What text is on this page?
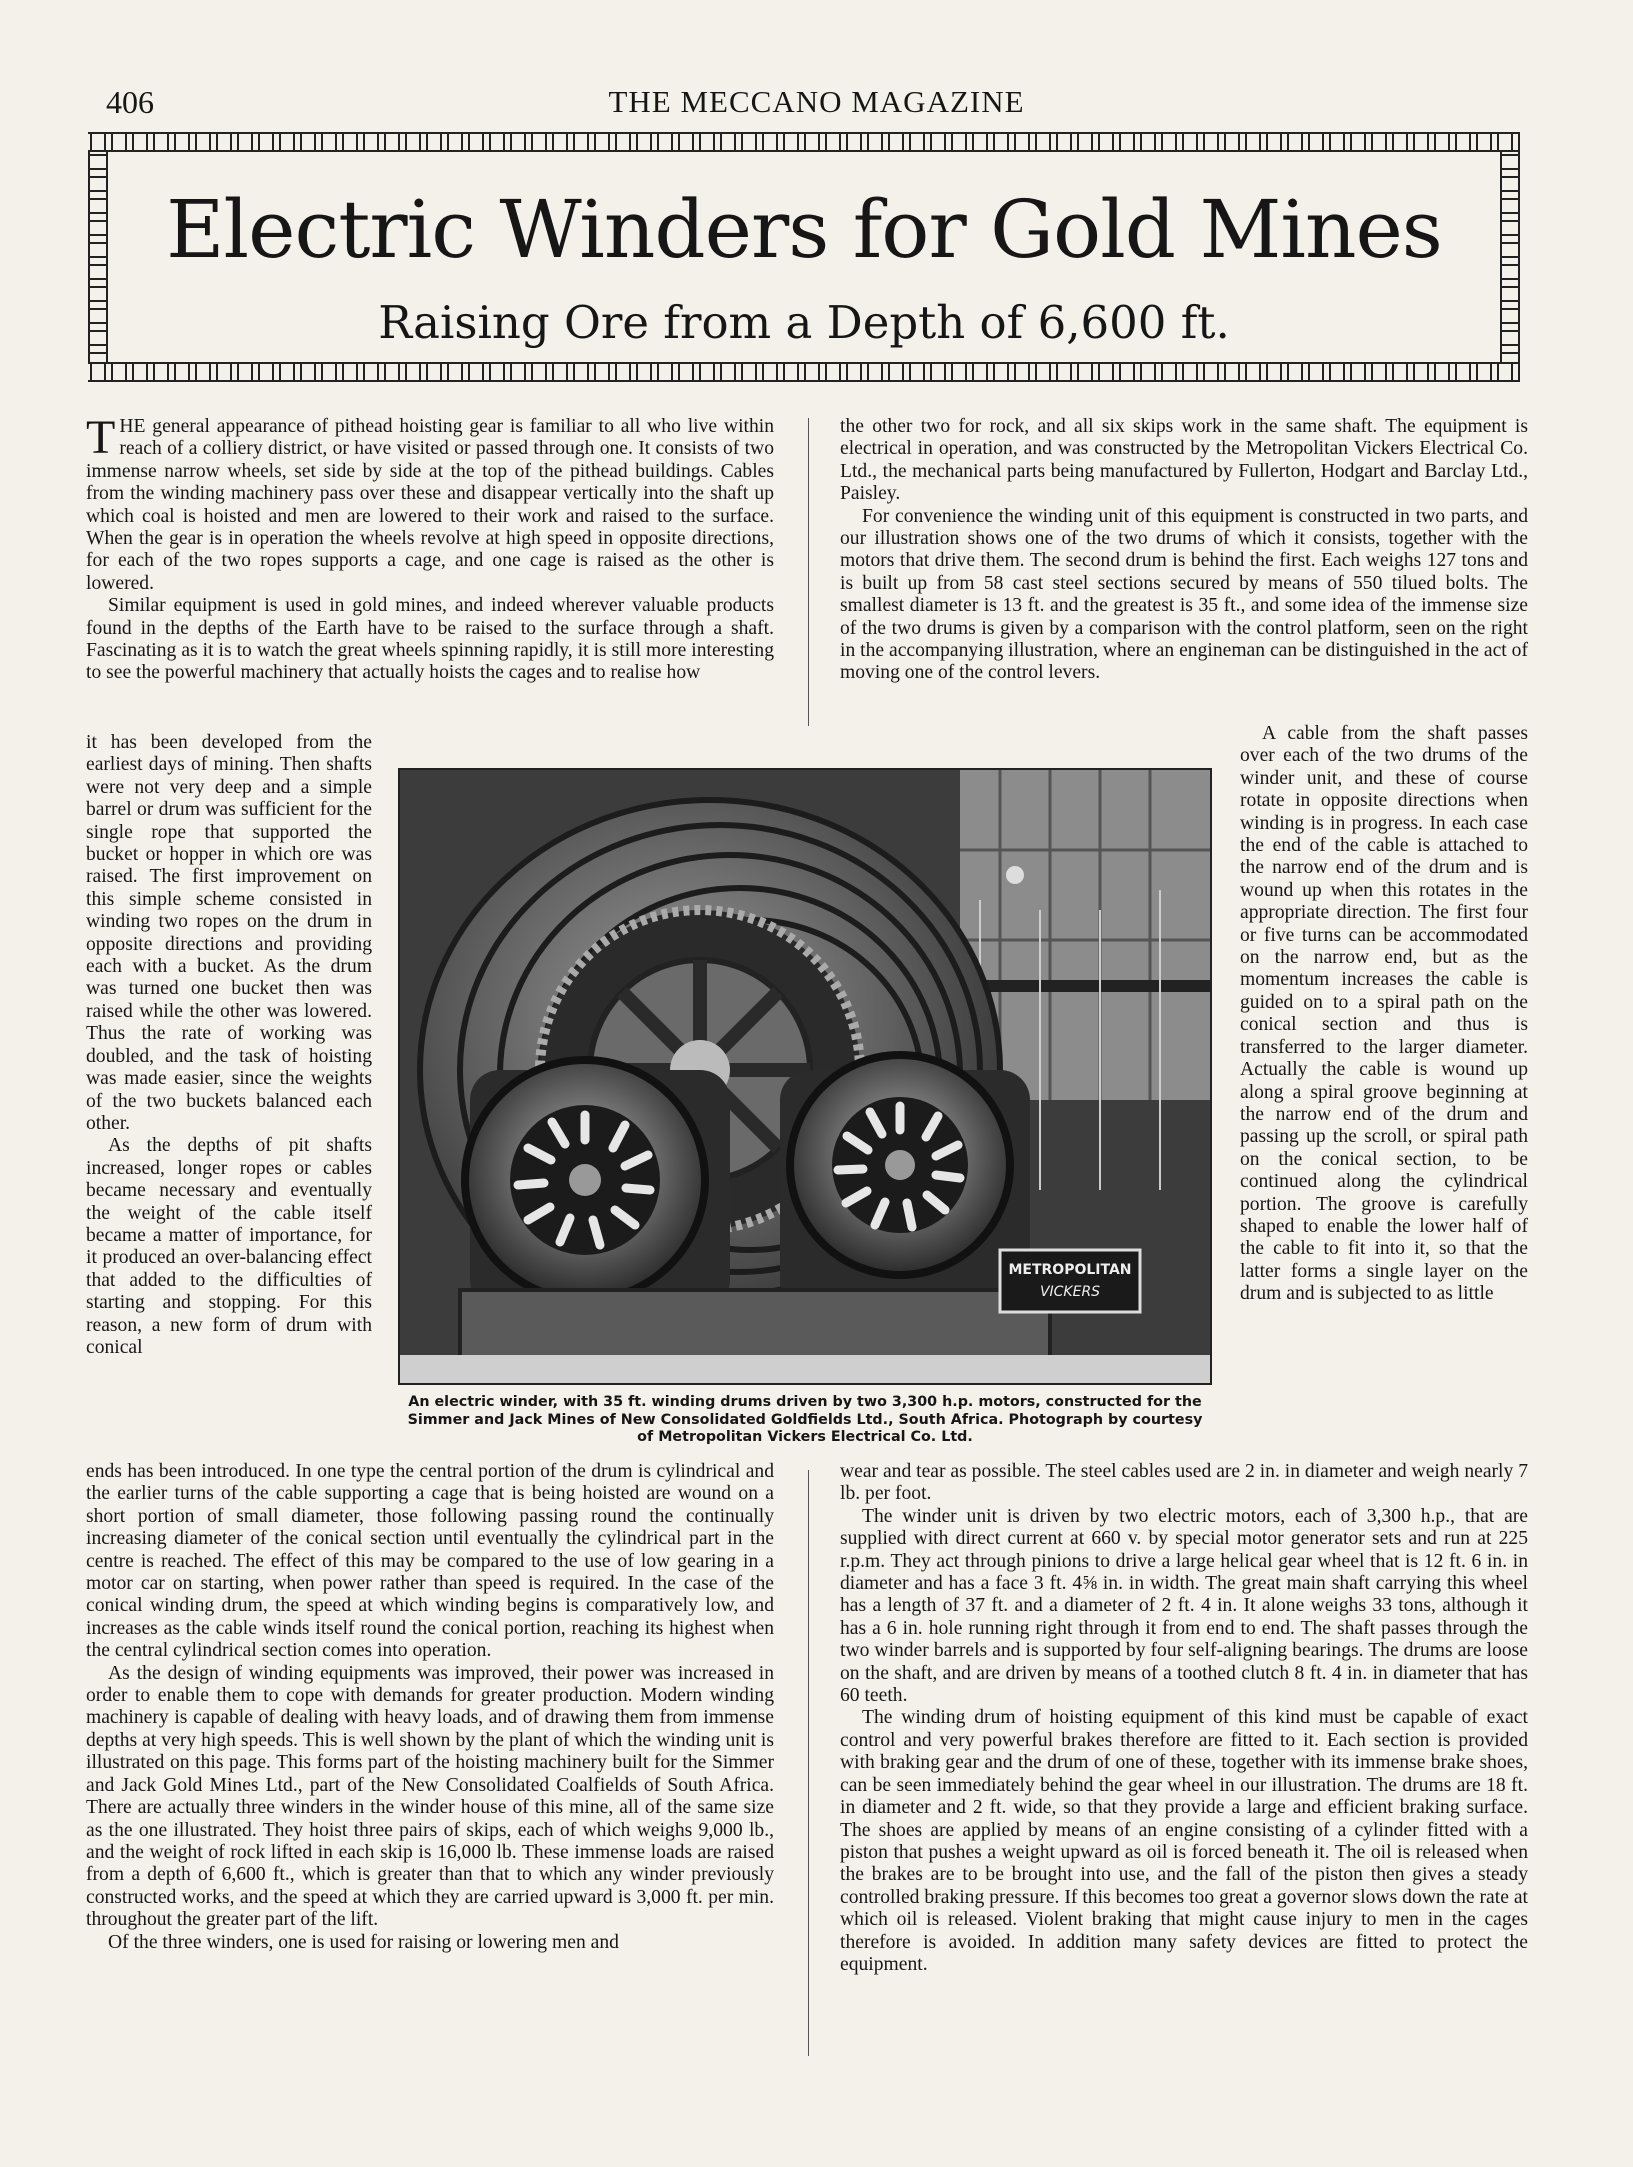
406	THE MECCANO MAGAZINE
Electric Winders for Gold Mines
Raising Ore from a Depth of 6,600 ft.

THE general appearance of pithead hoisting gear is familiar to all who live within reach of a colliery district, or have visited or passed through one. It consists of two immense narrow wheels, set side by side at the top of the pithead buildings. Cables from the winding machinery pass over these and disappear vertically into the shaft up which coal is hoisted and men are lowered to their work and raised to the surface. When the gear is in operation the wheels revolve at high speed in opposite directions, for each of the two ropes supports a cage, and one cage is raised as the other is lowered.

Similar equipment is used in gold mines, and indeed wherever valuable products found in the depths of the Earth have to be raised to the surface through a shaft. Fascinating as it is to watch the great wheels spinning rapidly, it is still more interesting to see the powerful machinery that actually hoists the cages and to realise how

it has been developed from the earliest days of mining. Then shafts were not very deep and a simple barrel or drum was sufficient for the single rope that supported the bucket or hopper in which ore was raised. The first improvement on this simple scheme consisted in winding two ropes on the drum in opposite directions and providing each with a bucket. As the drum was turned one bucket then was raised while the other was lowered. Thus the rate of working was doubled, and the task of hoisting was made easier, since the weights of the two buckets balanced each other.

As the depths of pit shafts increased, longer ropes or cables became necessary and eventually the weight of the cable itself became a matter of importance, for it produced an over-balancing effect that added to the difficulties of starting and stopping. For this reason, a new form of drum with conical

ends has been introduced. In one type the central portion of the drum is cylindrical and the earlier turns of the cable supporting a cage that is being hoisted are wound on a short portion of small diameter, those following passing round the continually increasing diameter of the conical section until eventually the cylindrical part in the centre is reached. The effect of this may be compared to the use of low gearing in a motor car on starting, when power rather than speed is required. In the case of the conical winding drum, the speed at which winding begins is comparatively low, and increases as the cable winds itself round the conical portion, reaching its highest when the central cylindrical section comes into operation.

As the design of winding equipments was improved, their power was increased in order to enable them to cope with demands for greater production. Modern winding machinery is capable of dealing with heavy loads, and of drawing them from immense depths at very high speeds. This is well shown by the plant of which the winding unit is illustrated on this page. This forms part of the hoisting machinery built for the Simmer and Jack Gold Mines Ltd., part of the New Consolidated Coalfields of South Africa. There are actually three winders in the winder house of this mine, all of the same size as the one illustrated. They hoist three pairs of skips, each of which weighs 9,000 lb., and the weight of rock lifted in each skip is 16,000 lb. These immense loads are raised from a depth of 6,600 ft., which is greater than that to which any winder previously constructed works, and the speed at which they are carried upward is 3,000 ft. per min. throughout the greater part of the lift.

Of the three winders, one is used for raising or lowering men and

the other two for rock, and all six skips work in the same shaft. The equipment is electrical in operation, and was constructed by the Metropolitan Vickers Electrical Co. Ltd., the mechanical parts being manufactured by Fullerton, Hodgart and Barclay Ltd., Paisley.

For convenience the winding unit of this equipment is constructed in two parts, and our illustration shows one of the two drums of which it consists, together with the motors that drive them. The second drum is behind the first. Each weighs 127 tons and is built up from 58 cast steel sections secured by means of 550 tilued bolts. The smallest diameter is 13 ft. and the greatest is 35 ft., and some idea of the immense size of the two drums is given by a comparison with the control platform, seen on the right in the accompanying illustration, where an engineman can be distinguished in the act of moving one of the control levers.

A cable from the shaft passes over each of the two drums of the winder unit, and these of course rotate in opposite directions when winding is in progress. In each case the end of the cable is attached to the narrow end of the drum and is wound up when this rotates in the appropriate direction. The first four or five turns can be accommodated on the narrow end, but as the momentum increases the cable is guided on to a spiral path on the conical section and thus is transferred to the larger diameter. Actually the cable is wound up along a spiral groove beginning at the narrow end of the drum and passing up the scroll, or spiral path on the conical section, to be continued along the cylindrical portion. The groove is carefully shaped to enable the lower half of the cable to fit into it, so that the latter forms a single layer on the drum and is subjected to as little

wear and tear as possible. The steel cables used are 2 in. in diameter and weigh nearly 7 lb. per foot.

The winder unit is driven by two electric motors, each of 3,300 h.p., that are supplied with direct current at 660 v. by special motor generator sets and run at 225 r.p.m. They act through pinions to drive a large helical gear wheel that is 12 ft. 6 in. in diameter and has a face 3 ft. 4⅝ in. in width. The great main shaft carrying this wheel has a length of 37 ft. and a diameter of 2 ft. 4 in. It alone weighs 33 tons, although it has a 6 in. hole running right through it from end to end. The shaft passes through the two winder barrels and is supported by four self-aligning bearings. The drums are loose on the shaft, and are driven by means of a toothed clutch 8 ft. 4 in. in diameter that has 60 teeth.

The winding drum of hoisting equipment of this kind must be capable of exact control and very powerful brakes therefore are fitted to it. Each section is provided with braking gear and the drum of one of these, together with its immense brake shoes, can be seen immediately behind the gear wheel in our illustration. The drums are 18 ft. in diameter and 2 ft. wide, so that they provide a large and efficient braking surface. The shoes are applied by means of an engine consisting of a cylinder fitted with a piston that pushes a weight upward as oil is forced beneath it. The oil is released when the brakes are to be brought into use, and the fall of the piston then gives a steady controlled braking pressure. If this becomes too great a governor slows down the rate at which oil is released. Violent braking that might cause injury to men in the cages therefore is avoided. In addition many safety devices are fitted to protect the equipment.

METROPOLITAN
VICKERS
An electric winder, with 35 ft. winding drums driven by two 3,300 h.p. motors, constructed for the Simmer and Jack Mines of New Consolidated Goldfields Ltd., South Africa. Photograph by courtesy of Metropolitan Vickers Electrical Co. Ltd.
